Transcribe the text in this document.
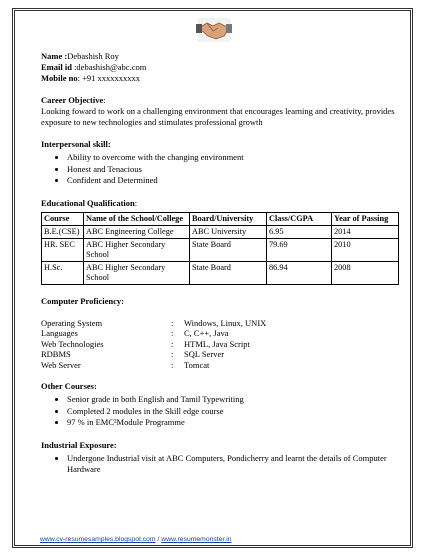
Name :Debashish Roy
Email id :debashish@abc.com
Mobile no: +91 xxxxxxxxxx
Career Objective:
Looking foward to work on a challenging environment that encourages learning and creativity, provides exposure to new technologies and stimulates professional growth
Interpersonal skill:
• Ability to overcome with the changing environment
• Honest and Tenacious
• Confident and Determined
Educational Qualification:
Course	Name of the School/College	Board/University	Class/CGPA	Year of Passing
B.E.(CSE)	ABC Engineering College	ABC University	6.95	2014
HR. SEC	ABC Higher Secondary School	State Board	79.69	2010
H.Sc.	ABC Higher Secondary School	State Board	86.94	2008
Computer Proficiency:
Operating System	:	Windows, Linux, UNIX
Languages	:	C, C++, Java
Web Technologies	:	HTML, Java Script
RDBMS	:	SQL Server
Web Server	:	Tomcat
Other Courses:
• Senior grade in both English and Tamil Typewriting
• Completed 2 modules in the Skill edge course
• 97 % in EMC²Module Programme
Industrial Exposure:
• Undergone Industrial visit at ABC Computers, Pondicherry and learnt the details of Computer Hardware
www.cv-resumesamples.blogspot.com / www.resumemonster.in
